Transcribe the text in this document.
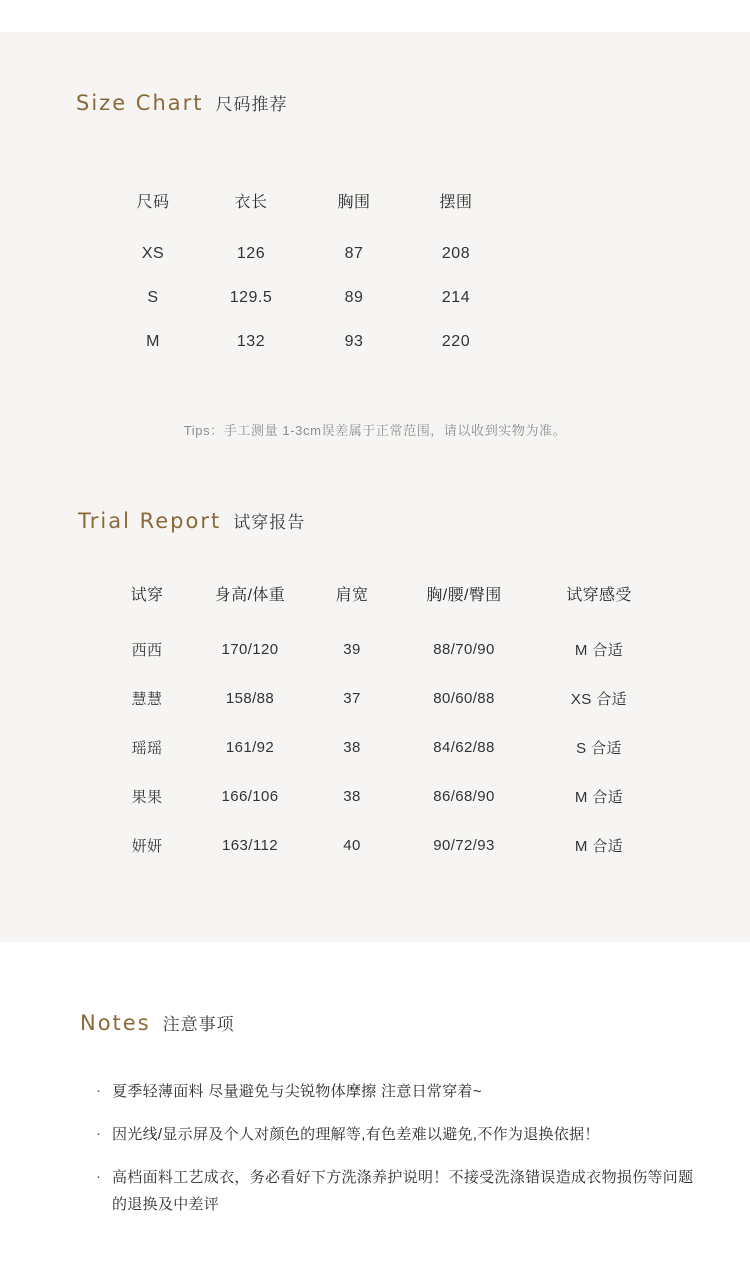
Size Chart 尺码推荐
尺码	衣长	胸围	摆围
XS	126	87	208
S	129.5	89	214
M	132	93	220
Tips：手工测量 1-3cm误差属于正常范围，请以收到实物为准。
Trial Report 试穿报告
试穿	身高/体重	肩宽	胸/腰/臀围	试穿感受
西西	170/120	39	88/70/90	M 合适
慧慧	158/88	37	80/60/88	XS 合适
瑶瑶	161/92	38	84/62/88	S 合适
果果	166/106	38	86/68/90	M 合适
妍妍	163/112	40	90/72/93	M 合适
Notes 注意事项
· 夏季轻薄面料 尽量避免与尖锐物体摩擦 注意日常穿着~
· 因光线/显示屏及个人对颜色的理解等,有色差难以避免,不作为退换依据！
· 高档面料工艺成衣，务必看好下方洗涤养护说明！不接受洗涤错误造成衣物损伤等问题的退换及中差评
